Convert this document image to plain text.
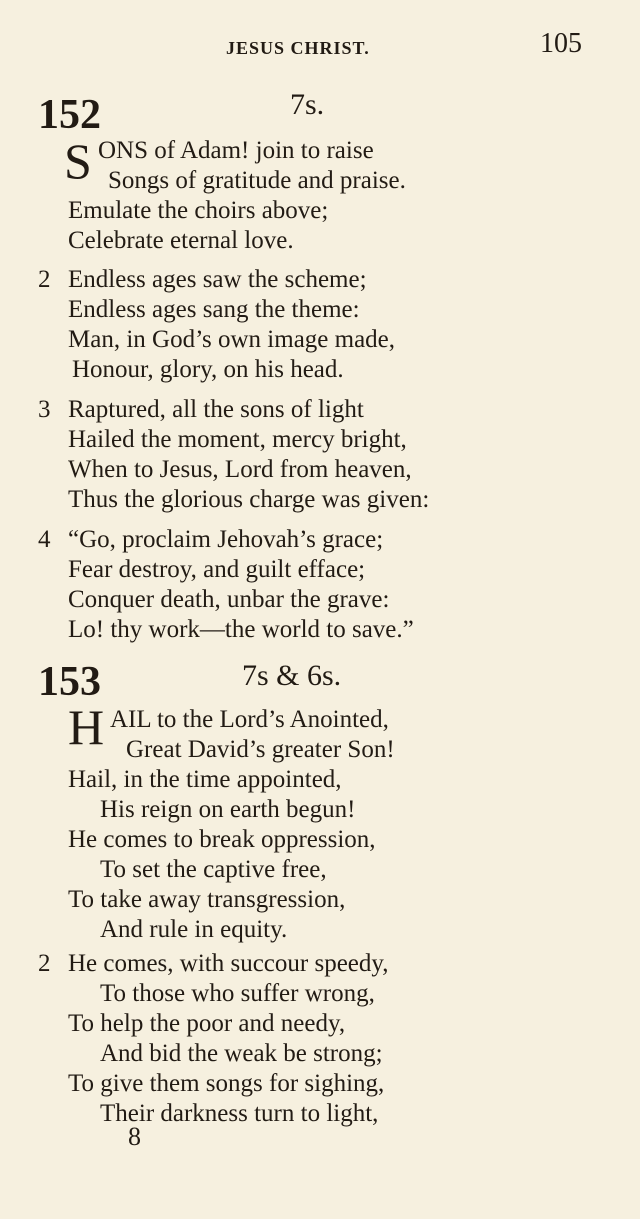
JESUS CHRIST.	105
152	7s.
S ONS of Adam! join to raise
Songs of gratitude and praise.
Emulate the choirs above;
Celebrate eternal love.
2 Endless ages saw the scheme;
Endless ages sang the theme:
Man, in God’s own image made,
Honour, glory, on his head.
3 Raptured, all the sons of light
Hailed the moment, mercy bright,
When to Jesus, Lord from heaven,
Thus the glorious charge was given:
4 “Go, proclaim Jehovah’s grace;
Fear destroy, and guilt efface;
Conquer death, unbar the grave:
Lo! thy work—the world to save.”
153	7s & 6s.
H AIL to the Lord’s Anointed,
Great David’s greater Son!
Hail, in the time appointed,
His reign on earth begun!
He comes to break oppression,
To set the captive free,
To take away transgression,
And rule in equity.
2 He comes, with succour speedy,
To those who suffer wrong,
To help the poor and needy,
And bid the weak be strong;
To give them songs for sighing,
Their darkness turn to light,
8
